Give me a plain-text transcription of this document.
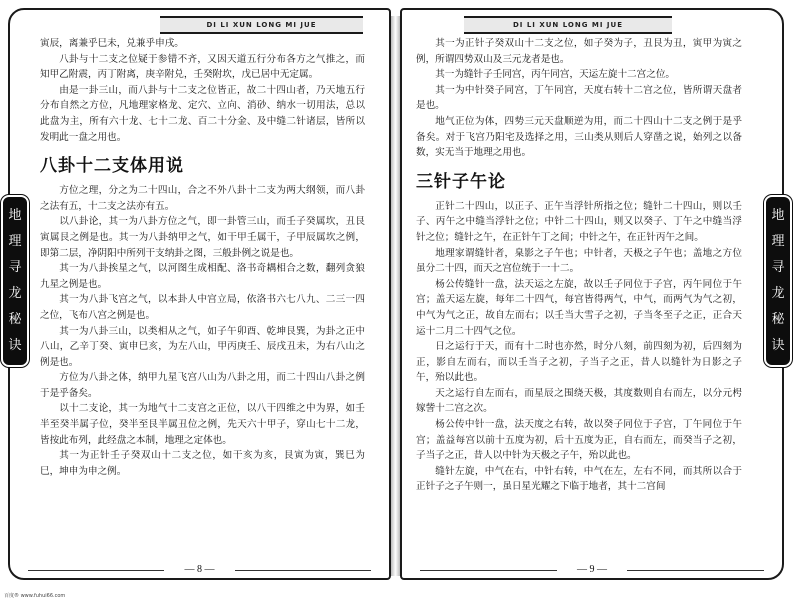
DI LI XUN LONG MI JUE

寅辰，离兼乎巳未，兑兼乎申戌。

八卦与十二支之位疑于参错不齐，又因天道五行分布各方之气推之，而知甲乙附震，丙丁附离，庚辛附兑，壬癸附坎，戊已居中无定属。

由是一卦三山，而八卦与十二支之位皆正，故二十四山者，乃天地五行分布自然之方位，凡地理家格龙、定穴、立向、消砂、纳水一切用法，总以此盘为主，所有六十龙、七十二龙、百二十分金、及中缝二针诸层，皆所以发明此一盘之用也。

八卦十二支体用说

方位之理，分之为二十四山，合之不外八卦十二支为两大纲领，而八卦之法有五，十二支之法亦有五。

以八卦论，其一为八卦方位之气，即一卦管三山，而壬子癸属坎，丑艮寅属艮之例是也。其一为八卦纳甲之气，如干甲壬属干，子甲辰属坎之例，即第二层，净阴阳中所列干支纳卦之图，三般卦例之说是也。

其一为八卦挨星之气，以河图生成相配、洛书奇耦相合之数，翻列贪狼九星之例是也。

其一为八卦飞宫之气，以本卦人中宫立局，依洛书六七八九、二三一四之位，飞布八宫之例是也。

其一为八卦三山，以类相从之气，如子午卯酉、乾坤艮巽，为卦之正中八山，乙辛丁癸、寅申巳亥，为左八山，甲丙庚壬、辰戌丑未，为右八山之例是也。

方位为八卦之体，纳甲九星飞宫八山为八卦之用，而二十四山八卦之例于是乎备矣。

以十二支论，其一为地气十二支宫之正位，以八干四维之中为界，如壬半至癸半属子位，癸半至艮半属丑位之例，先天六十甲子，穿山七十二龙，皆按此布列，此经盘之本制，地理之定体也。

其一为正针壬子癸双山十二支之位，如干亥为亥，艮寅为寅，巽巳为巳，坤申为申之例。

— 8 —
DI LI XUN LONG MI JUE

其一为正针子癸双山十二支之位，如子癸为子，丑艮为丑，寅甲为寅之例，所谓四势双山及三元龙者是也。

其一为缝针子壬同宫，丙午同宫，天运左旋十二宫之位。

其一为中针癸子同宫，丁午同宫，天度右转十二宫之位，皆所谓天盘者是也。

地气正位为体，四势三元天盘顺逆为用，而二十四山十二支之例于是乎备矣。对于飞宫乃阳宅及选择之用，三山类从则后人穿凿之说，始列之以备数，实无当于地理之用也。

三针子午论

正针二十四山，以正子、正午当浮针所指之位；缝针二十四山，则以壬子、丙午之中缝当浮针之位；中针二十四山，则又以癸子、丁午之中缝当浮针之位；缝针之午，在正针午丁之间；中针之午，在正针丙午之间。

地理家谓缝针者，臬影之子午也；中针者，天极之子午也；盖地之方位虽分二十四，而天之宫位统于一十二。

杨公传缝针一盘，法天运之左旋，故以壬子同位于子宫，丙午同位于午宫；盖天运左旋，每年二十四气，每宫皆得两气，中气，而两气为气之初，中气为气之正，故自左而右；以壬当大雪子之初，子当冬至子之正，正合天运十二月二十四气之位。

日之运行于天，而有十二时也亦然，时分八刻，前四刻为初，后四刻为正，影自左而右，而以壬当子之初，子当子之正，昔人以缝针为日影之子午，殆以此也。

天之运行自左而右，而星辰之围绕天极，其度数则自右而左，以分元枵嫁訾十二宫之次。

杨公传中针一盘，法天度之右转，故以癸子同位于子宫，丁午同位于午宫；盖益每宫以前十五度为初，后十五度为正，自右而左，而癸当子之初，子当子之正，昔人以中针为天极之子午，殆以此也。

缝针左旋，中气在右，中针右转，中气在左，左右不同，而其所以合于正针子之子午则一，虽日星光耀之下临于地者，其十二宫间

— 9 —
地
理
寻
龙
秘
诀
地
理
寻
龙
秘
诀
百度® www.fuhui66.com
